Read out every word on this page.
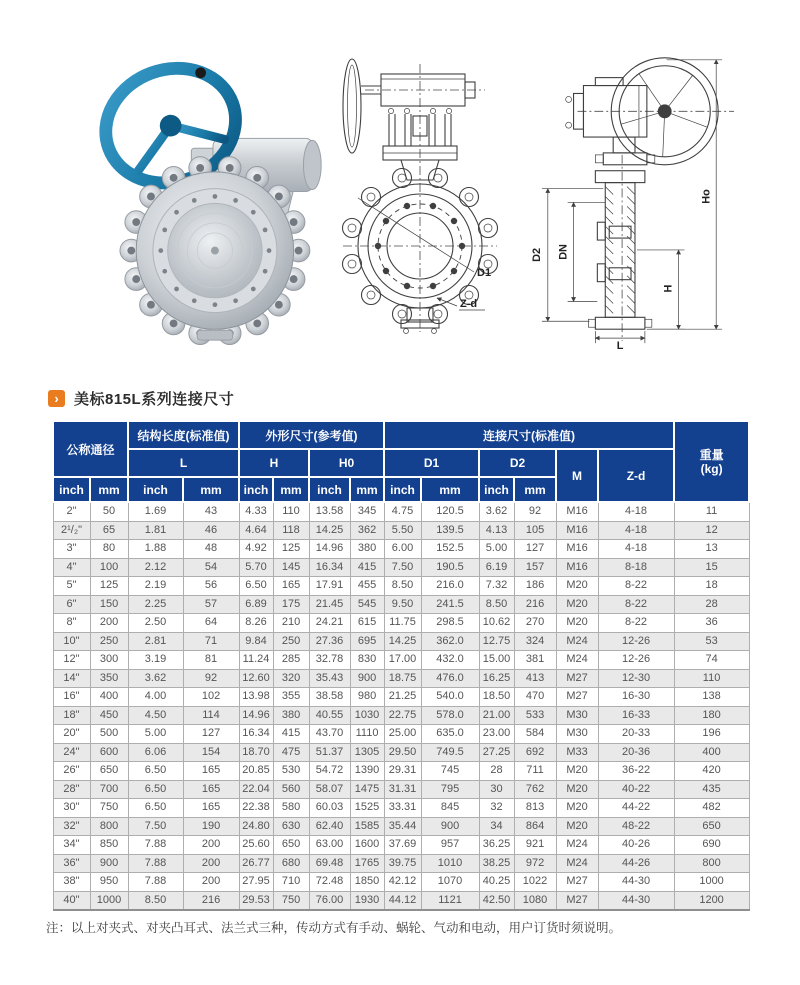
D1
Z-d
D2 DN
H
Ho
L
›	美标815L系列连接尺寸
公称通径		结构长度(标准值)		外形尺寸(参考值)				连接尺寸(标准值)						重量
(kg)

		L		H		H0		D1		D2		M	Z-d	
inch	mm	inch	mm	inch	mm	inch	mm	inch	mm	inch	mm			
2"	50	1.69	43	4.33	110	13.58	345	4.75	120.5	3.62	92	M16	4-18	11
2¹/₂"	65	1.81	46	4.64	118	14.25	362	5.50	139.5	4.13	105	M16	4-18	12
3"	80	1.88	48	4.92	125	14.96	380	6.00	152.5	5.00	127	M16	4-18	13
4"	100	2.12	54	5.70	145	16.34	415	7.50	190.5	6.19	157	M16	8-18	15
5"	125	2.19	56	6.50	165	17.91	455	8.50	216.0	7.32	186	M20	8-22	18
6"	150	2.25	57	6.89	175	21.45	545	9.50	241.5	8.50	216	M20	8-22	28
8"	200	2.50	64	8.26	210	24.21	615	11.75	298.5	10.62	270	M20	8-22	36
10"	250	2.81	71	9.84	250	27.36	695	14.25	362.0	12.75	324	M24	12-26	53
12"	300	3.19	81	11.24	285	32.78	830	17.00	432.0	15.00	381	M24	12-26	74
14"	350	3.62	92	12.60	320	35.43	900	18.75	476.0	16.25	413	M27	12-30	110
16"	400	4.00	102	13.98	355	38.58	980	21.25	540.0	18.50	470	M27	16-30	138
18"	450	4.50	114	14.96	380	40.55	1030	22.75	578.0	21.00	533	M30	16-33	180
20"	500	5.00	127	16.34	415	43.70	1110	25.00	635.0	23.00	584	M30	20-33	196
24"	600	6.06	154	18.70	475	51.37	1305	29.50	749.5	27.25	692	M33	20-36	400
26"	650	6.50	165	20.85	530	54.72	1390	29.31	745	28	711	M20	36-22	420
28"	700	6.50	165	22.04	560	58.07	1475	31.31	795	30	762	M20	40-22	435
30"	750	6.50	165	22.38	580	60.03	1525	33.31	845	32	813	M20	44-22	482
32"	800	7.50	190	24.80	630	62.40	1585	35.44	900	34	864	M20	48-22	650
34"	850	7.88	200	25.60	650	63.00	1600	37.69	957	36.25	921	M24	40-26	690
36"	900	7.88	200	26.77	680	69.48	1765	39.75	1010	38.25	972	M24	44-26	800
38"	950	7.88	200	27.95	710	72.48	1850	42.12	1070	40.25	1022	M27	44-30	1000
40"	1000	8.50	216	29.53	750	76.00	1930	44.12	1121	42.50	1080	M27	44-30	1200
注：以上对夹式、对夹凸耳式、法兰式三种，传动方式有手动、蜗轮、气动和电动，用户订货时须说明。
